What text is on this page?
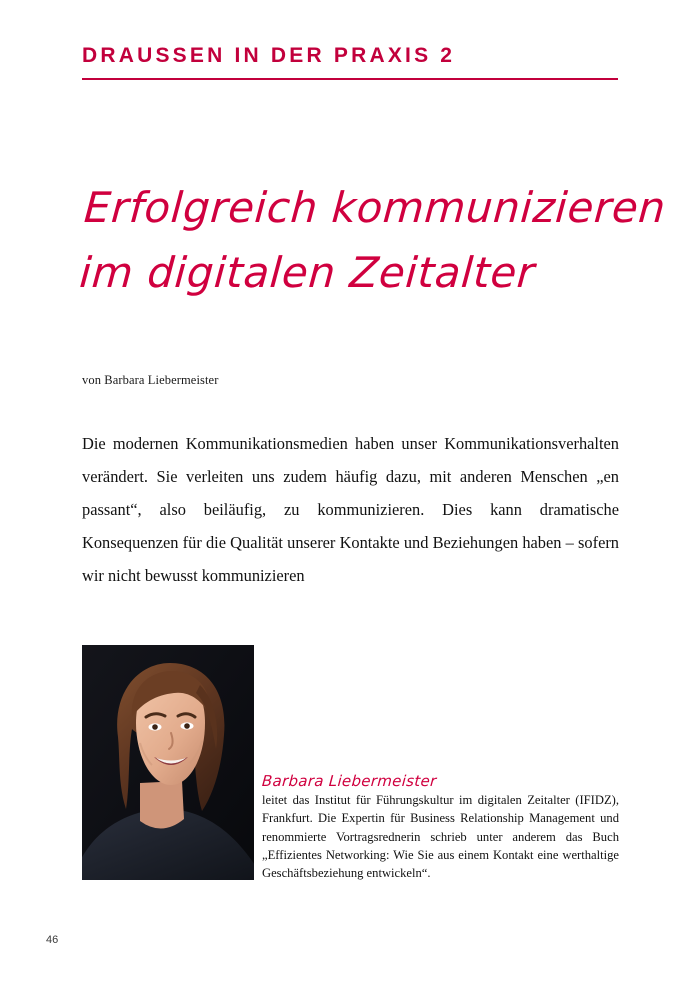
DRAUSSEN IN DER PRAXIS 2
Erfolgreich kommunizieren
im digitalen Zeitalter
von Barbara Liebermeister

Die modernen Kommunikationsmedien haben unser Kommunikationsverhalten verändert. Sie verleiten uns zudem häufig dazu, mit anderen Menschen „en passant“, also beiläufig, zu kommunizieren. Dies kann dramatische Konsequenzen für die Qualität unserer Kontakte und Beziehungen haben – sofern wir nicht bewusst kommunizieren

Barbara Liebermeister
leitet das Institut für Führungskultur im digitalen Zeitalter (IFIDZ), Frankfurt. Die Expertin für Business Relationship Management und renommierte Vortragsrednerin schrieb unter anderem das Buch „Effizientes Networking: Wie Sie aus einem Kontakt eine werthaltige Geschäftsbeziehung entwickeln“.
46
